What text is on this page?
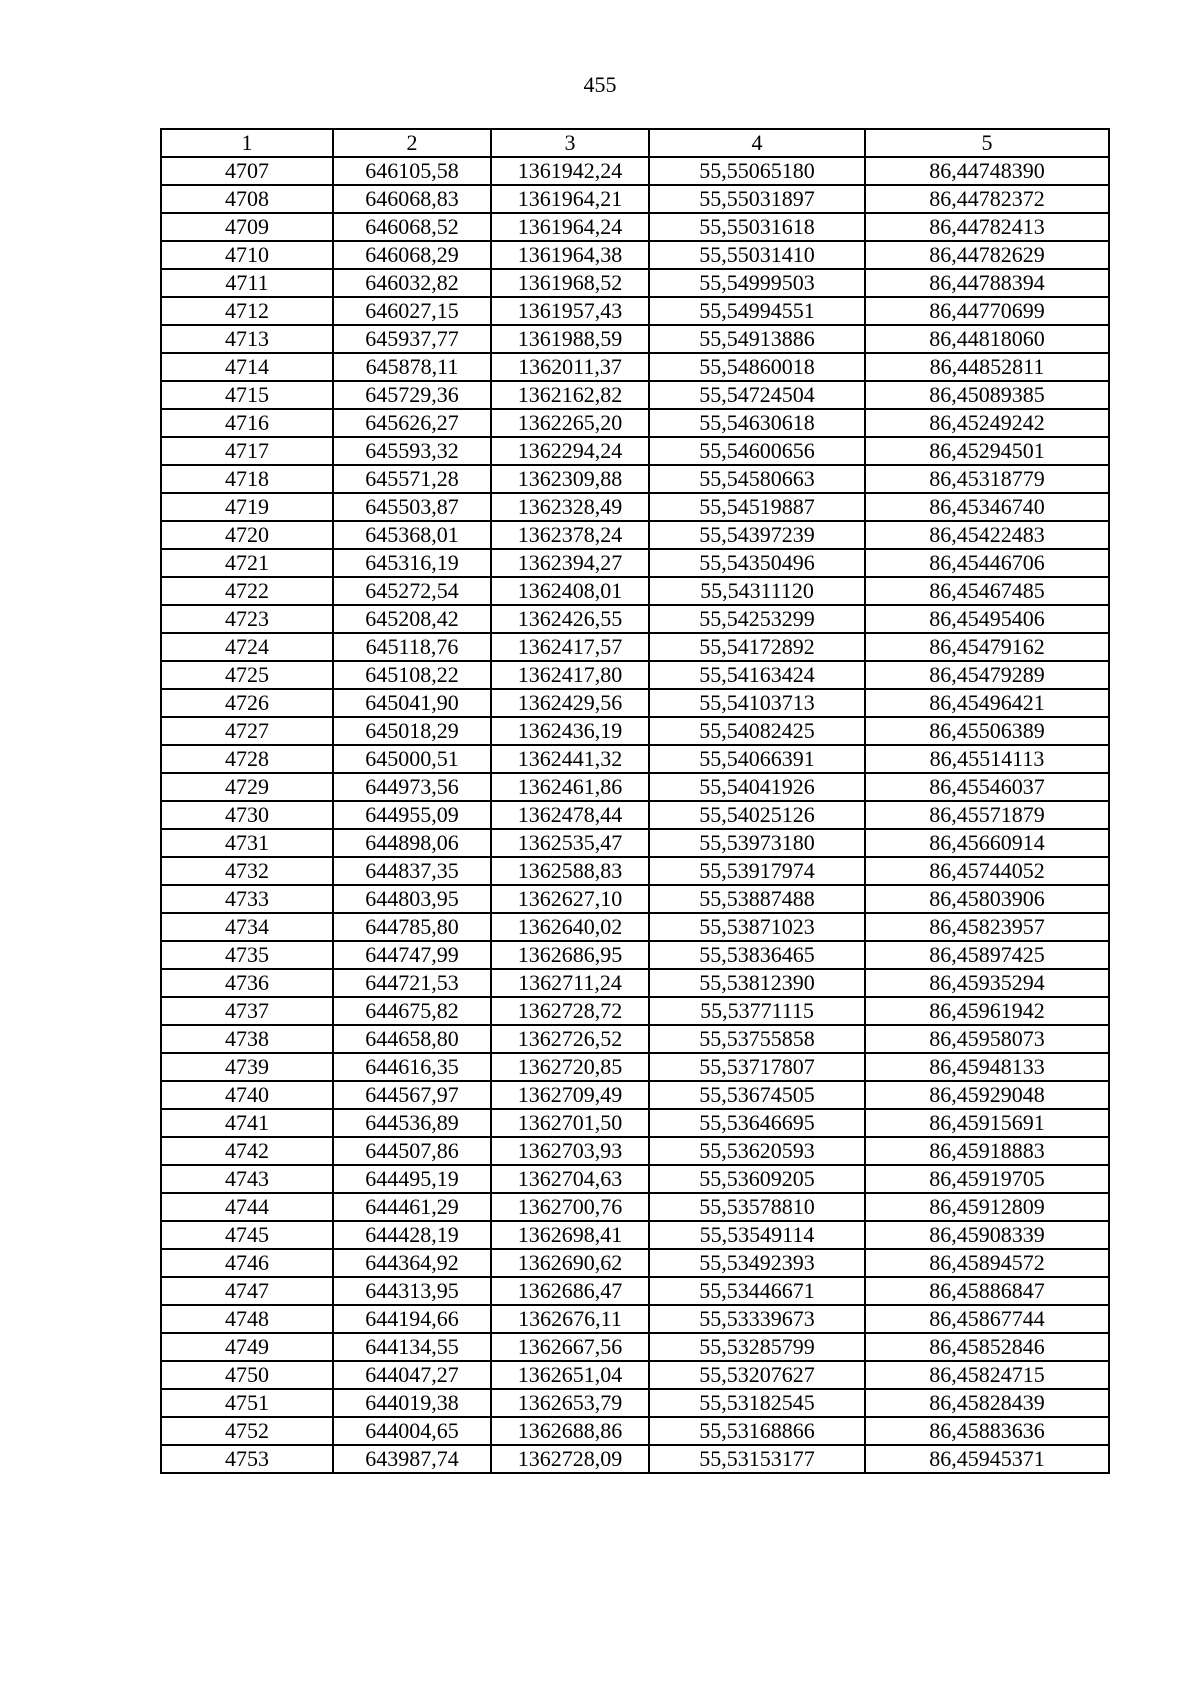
455
1	2	3	4	5
4707	646105,58	1361942,24	55,55065180	86,44748390
4708	646068,83	1361964,21	55,55031897	86,44782372
4709	646068,52	1361964,24	55,55031618	86,44782413
4710	646068,29	1361964,38	55,55031410	86,44782629
4711	646032,82	1361968,52	55,54999503	86,44788394
4712	646027,15	1361957,43	55,54994551	86,44770699
4713	645937,77	1361988,59	55,54913886	86,44818060
4714	645878,11	1362011,37	55,54860018	86,44852811
4715	645729,36	1362162,82	55,54724504	86,45089385
4716	645626,27	1362265,20	55,54630618	86,45249242
4717	645593,32	1362294,24	55,54600656	86,45294501
4718	645571,28	1362309,88	55,54580663	86,45318779
4719	645503,87	1362328,49	55,54519887	86,45346740
4720	645368,01	1362378,24	55,54397239	86,45422483
4721	645316,19	1362394,27	55,54350496	86,45446706
4722	645272,54	1362408,01	55,54311120	86,45467485
4723	645208,42	1362426,55	55,54253299	86,45495406
4724	645118,76	1362417,57	55,54172892	86,45479162
4725	645108,22	1362417,80	55,54163424	86,45479289
4726	645041,90	1362429,56	55,54103713	86,45496421
4727	645018,29	1362436,19	55,54082425	86,45506389
4728	645000,51	1362441,32	55,54066391	86,45514113
4729	644973,56	1362461,86	55,54041926	86,45546037
4730	644955,09	1362478,44	55,54025126	86,45571879
4731	644898,06	1362535,47	55,53973180	86,45660914
4732	644837,35	1362588,83	55,53917974	86,45744052
4733	644803,95	1362627,10	55,53887488	86,45803906
4734	644785,80	1362640,02	55,53871023	86,45823957
4735	644747,99	1362686,95	55,53836465	86,45897425
4736	644721,53	1362711,24	55,53812390	86,45935294
4737	644675,82	1362728,72	55,53771115	86,45961942
4738	644658,80	1362726,52	55,53755858	86,45958073
4739	644616,35	1362720,85	55,53717807	86,45948133
4740	644567,97	1362709,49	55,53674505	86,45929048
4741	644536,89	1362701,50	55,53646695	86,45915691
4742	644507,86	1362703,93	55,53620593	86,45918883
4743	644495,19	1362704,63	55,53609205	86,45919705
4744	644461,29	1362700,76	55,53578810	86,45912809
4745	644428,19	1362698,41	55,53549114	86,45908339
4746	644364,92	1362690,62	55,53492393	86,45894572
4747	644313,95	1362686,47	55,53446671	86,45886847
4748	644194,66	1362676,11	55,53339673	86,45867744
4749	644134,55	1362667,56	55,53285799	86,45852846
4750	644047,27	1362651,04	55,53207627	86,45824715
4751	644019,38	1362653,79	55,53182545	86,45828439
4752	644004,65	1362688,86	55,53168866	86,45883636
4753	643987,74	1362728,09	55,53153177	86,45945371
